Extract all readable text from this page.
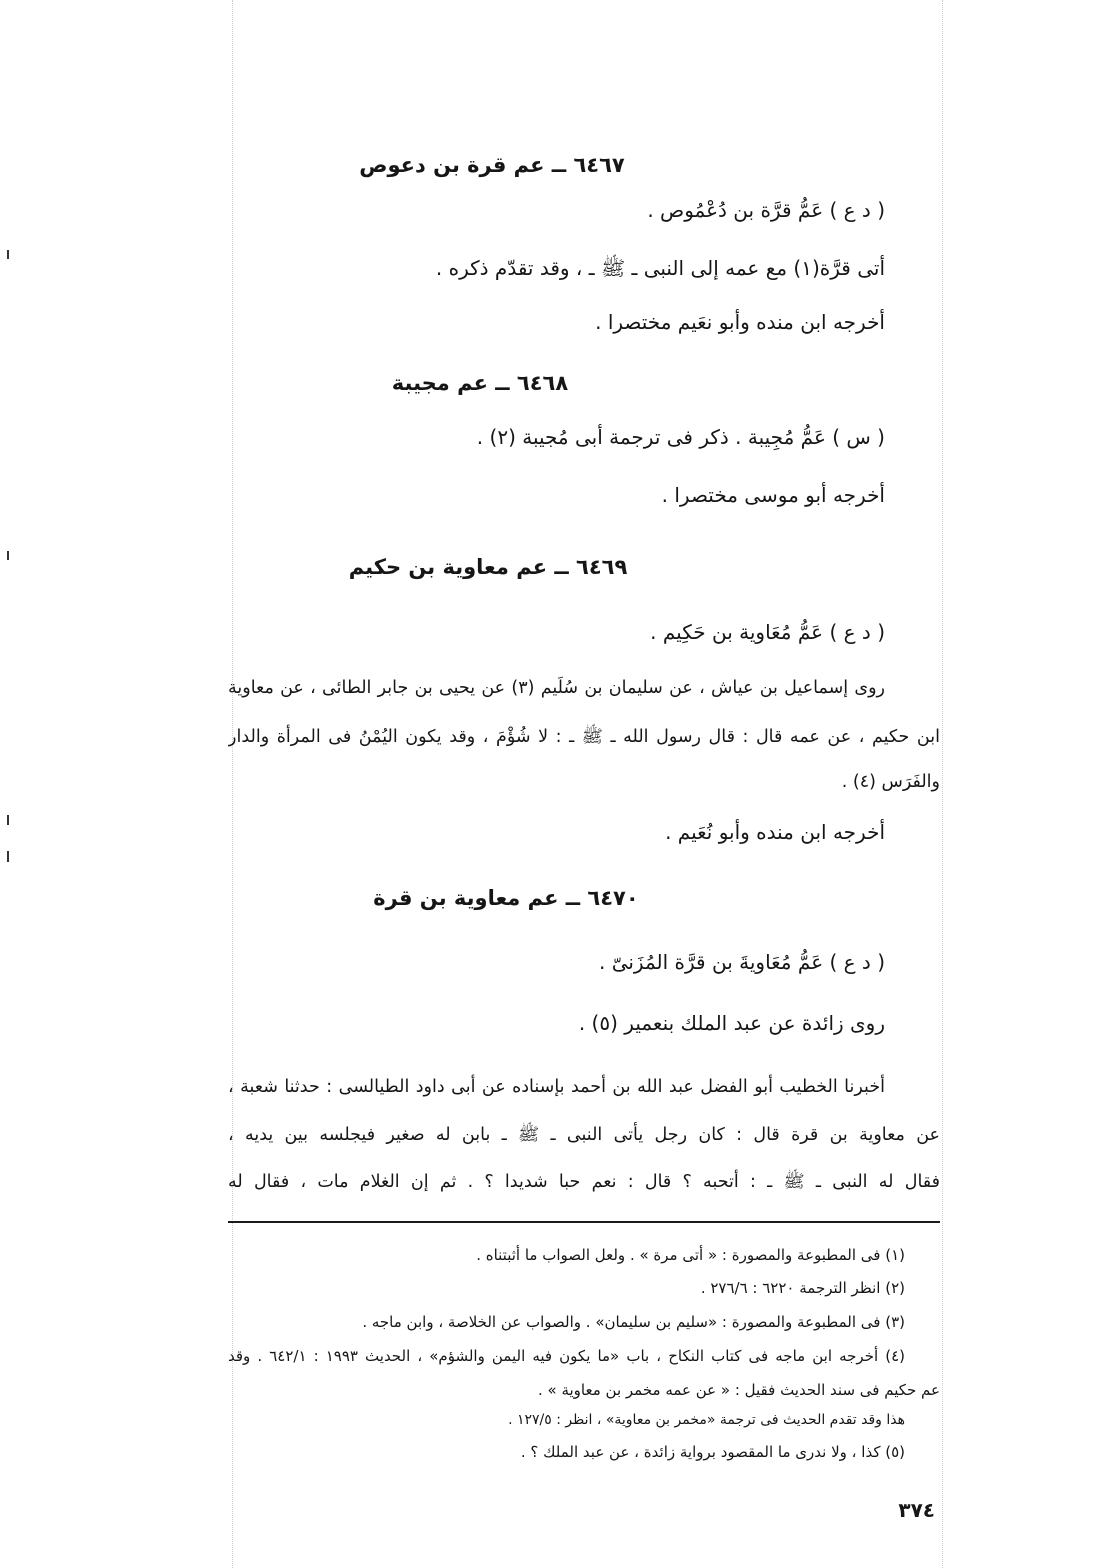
٦٤٦٧ ــ عم قرة بن دعوص
( د ع ) عَمُّ قرَّة بن دُعْمُوص .
أتى قرَّة(١) مع عمه إلى النبى ـ ﷺ ـ ، وقد تقدّم ذكره .
أخرجه ابن منده وأبو نعَيم مختصرا .
٦٤٦٨ ــ عم مجيبة
( س ) عَمُّ مُجِيبة . ذكر فى ترجمة أبى مُجيبة (٢) .
أخرجه أبو موسى مختصرا .
٦٤٦٩ ــ عم معاوية بن حكيم
( د ع ) عَمُّ مُعَاوية بن حَكِيم .
روى إسماعيل بن عياش ، عن سليمان بن سُلَيم (٣) عن يحيى بن جابر الطائى ، عن معاوية
ابن حكيم ، عن عمه قال : قال رسول الله ـ ﷺ ـ : لا شُؤْمَ ، وقد يكون اليُمْنُ فى المرأة والدار
والفَرَس (٤) .
أخرجه ابن منده وأبو نُعَيم .
٦٤٧٠ ــ عم معاوية بن قرة
( د ع ) عَمُّ مُعَاويةَ بن قرَّة المُزَنىّ .
روى زائدة عن عبد الملك بنعمير (٥) .
أخبرنا الخطيب أبو الفضل عبد الله بن أحمد بإسناده عن أبى داود الطيالسى : حدثنا شعبة ،
عن معاوية بن قرة قال : كان رجل يأتى النبى ـ ﷺ ـ بابن له صغير فيجلسه بين يديه ،
فقال له النبى ـ ﷺ ـ : أتحبه ؟ قال : نعم حبا شديدا ؟ . ثم إن الغلام مات ، فقال له
(١) فى المطبوعة والمصورة : « أتى مرة » . ولعل الصواب ما أثبتناه .
(٢) انظر الترجمة ٦٢٢٠ : ٢٧٦/٦ .
(٣) فى المطبوعة والمصورة : «سليم بن سليمان» . والصواب عن الخلاصة ، وابن ماجه .
(٤) أخرجه ابن ماجه فى كتاب النكاح ، باب «ما يكون فيه اليمن والشؤم» ، الحديث ١٩٩٣ : ٦٤٢/١ . وقد
عم حكيم فى سند الحديث فقيل : « عن عمه مخمر بن معاوية » .
هذا وقد تقدم الحديث فى ترجمة «مخمر بن معاوية» ، انظر : ١٢٧/٥ .
(٥) كذا ، ولا ندرى ما المقصود برواية زائدة ، عن عبد الملك ؟ .
٣٧٤
